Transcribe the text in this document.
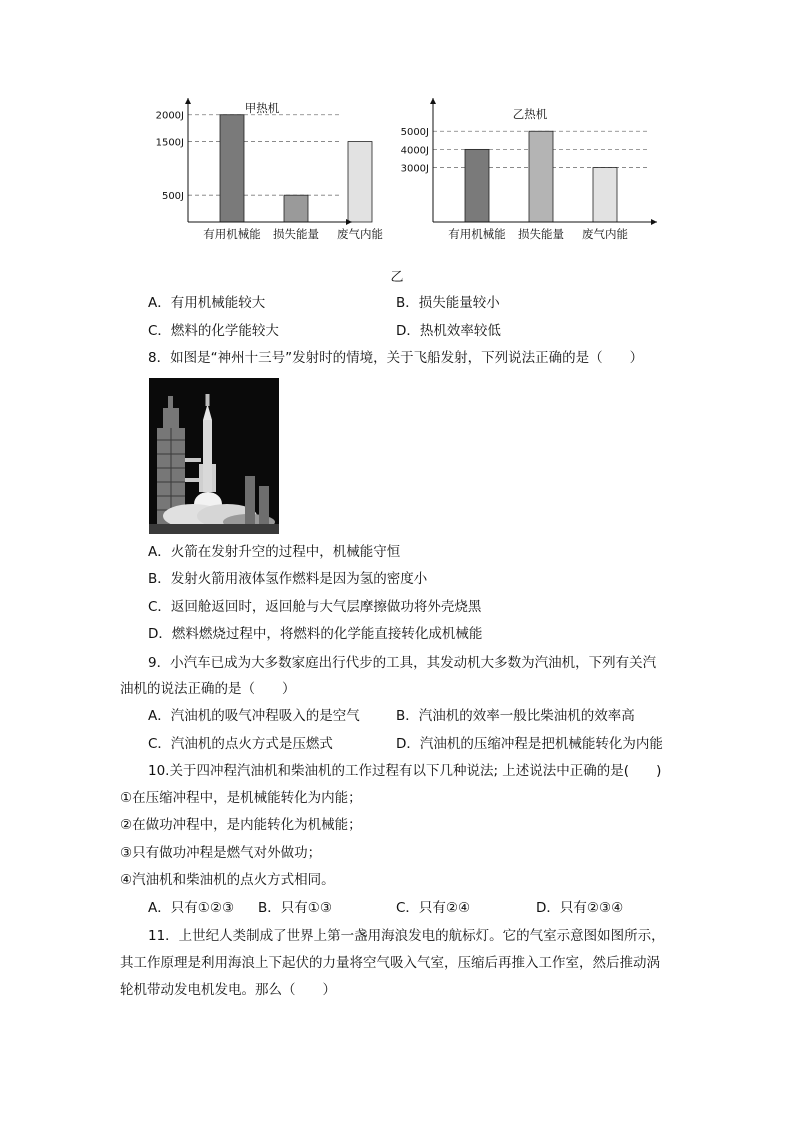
甲热机
2000J
1500J
500J
有用机械能 损失能量 废气内能
乙热机
5000J
4000J
3000J
有用机械能 损失能量 废气内能
乙
A．有用机械能较大	B．损失能量较小
C．燃料的化学能较大	D．热机效率较低
8．如图是“神州十三号”发射时的情境，关于飞船发射，下列说法正确的是（　　）
A．火箭在发射升空的过程中，机械能守恒
B．发射火箭用液体氢作燃料是因为氢的密度小
C．返回舱返回时，返回舱与大气层摩擦做功将外壳烧黑
D．燃料燃烧过程中，将燃料的化学能直接转化成机械能
9．小汽车已成为大多数家庭出行代步的工具，其发动机大多数为汽油机，下列有关汽
油机的说法正确的是（　　）
A．汽油机的吸气冲程吸入的是空气	B．汽油机的效率一般比柴油机的效率高
C．汽油机的点火方式是压燃式	D．汽油机的压缩冲程是把机械能转化为内能
10.关于四冲程汽油机和柴油机的工作过程有以下几种说法; 上述说法中正确的是(　　)
①在压缩冲程中，是机械能转化为内能；
②在做功冲程中，是内能转化为机械能；
③只有做功冲程是燃气对外做功；
④汽油机和柴油机的点火方式相同。
A．只有①②③ B．只有①③	C．只有②④	D．只有②③④
11．上世纪人类制成了世界上第一盏用海浪发电的航标灯。它的气室示意图如图所示，
其工作原理是利用海浪上下起伏的力量将空气吸入气室，压缩后再推入工作室，然后推动涡
轮机带动发电机发电。那么（　　）
